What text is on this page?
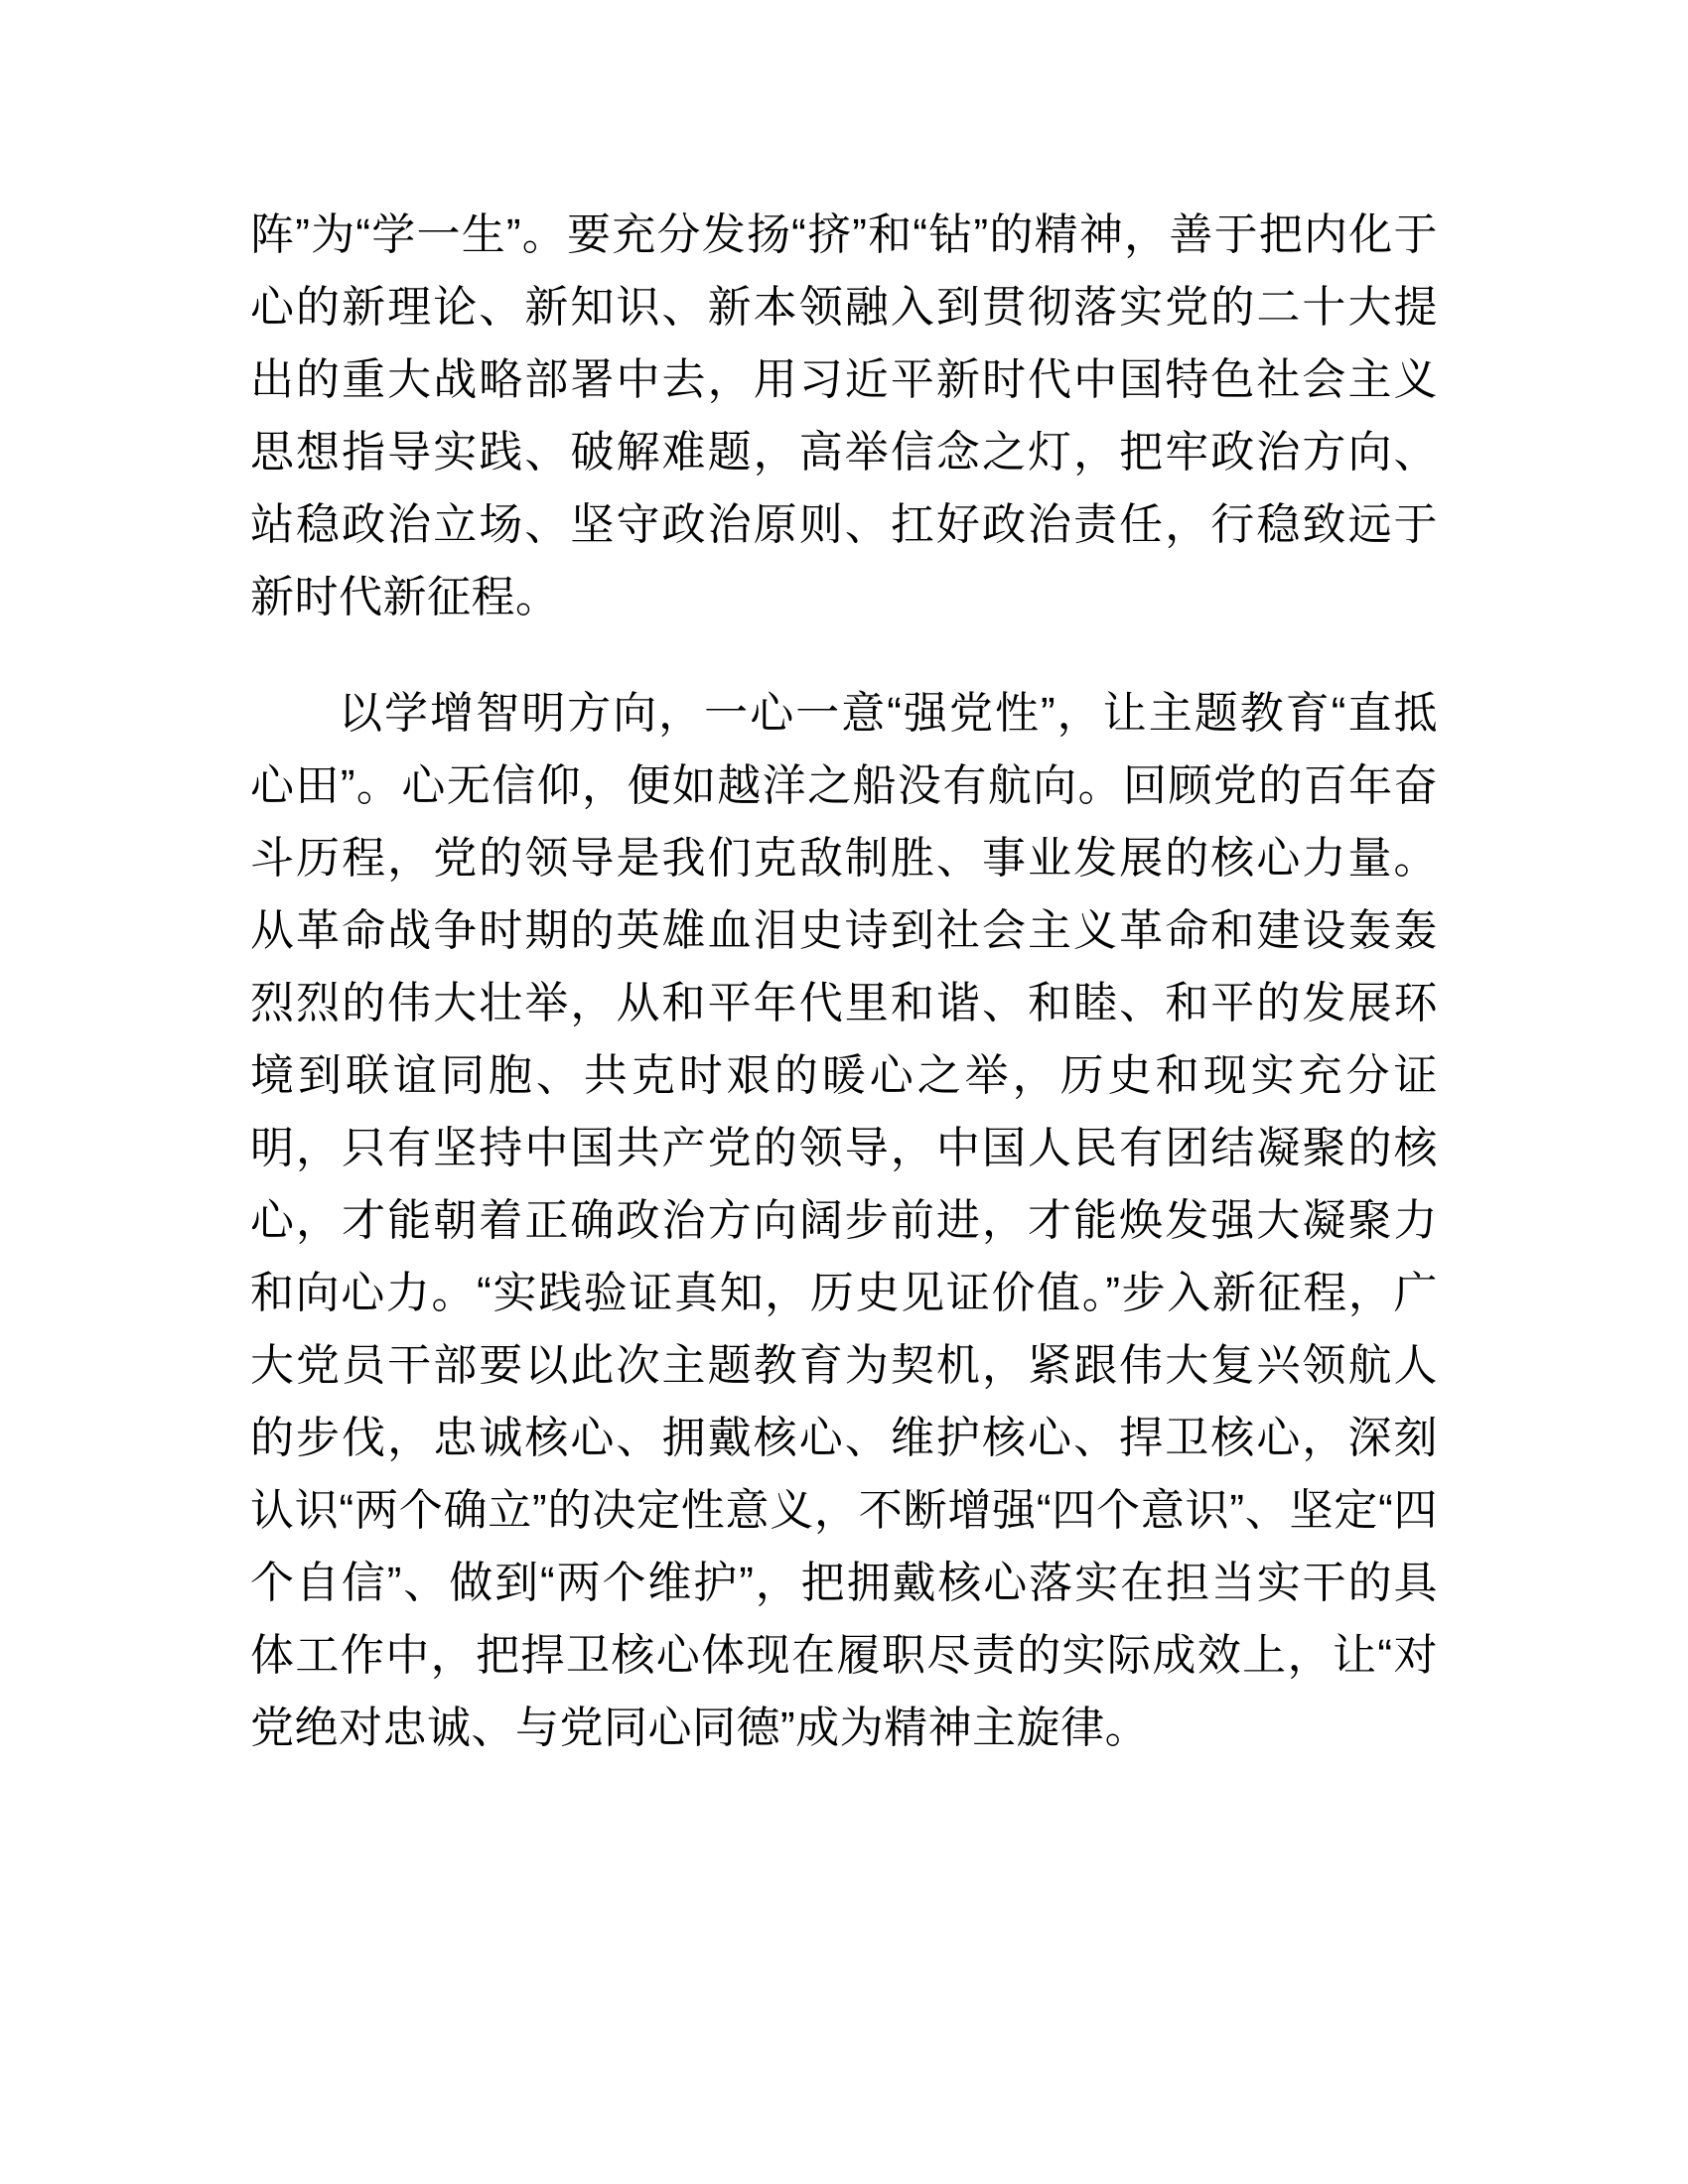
阵”为“学一生”。要充分发扬“挤”和“钻”的精神，善于把内化于心的新理论、新知识、新本领融入到贯彻落实党的二十大提出的重大战略部署中去，用习近平新时代中国特色社会主义思想指导实践、破解难题，高举信念之灯，把牢政治方向、站稳政治立场、坚守政治原则、扛好政治责任，行稳致远于新时代新征程。

以学增智明方向，一心一意“强党性”，让主题教育“直抵心田”。心无信仰，便如越洋之船没有航向。回顾党的百年奋斗历程，党的领导是我们克敌制胜、事业发展的核心力量。从革命战争时期的英雄血泪史诗到社会主义革命和建设轰轰烈烈的伟大壮举，从和平年代里和谐、和睦、和平的发展环境到联谊同胞、共克时艰的暖心之举，历史和现实充分证明，只有坚持中国共产党的领导，中国人民有团结凝聚的核心，才能朝着正确政治方向阔步前进，才能焕发强大凝聚力和向心力。“实践验证真知，历史见证价值。”步入新征程，广大党员干部要以此次主题教育为契机，紧跟伟大复兴领航人的步伐，忠诚核心、拥戴核心、维护核心、捍卫核心，深刻认识“两个确立”的决定性意义，不断增强“四个意识”、坚定“四个自信”、做到“两个维护”，把拥戴核心落实在担当实干的具体工作中，把捍卫核心体现在履职尽责的实际成效上，让“对党绝对忠诚、与党同心同德”成为精神主旋律。
